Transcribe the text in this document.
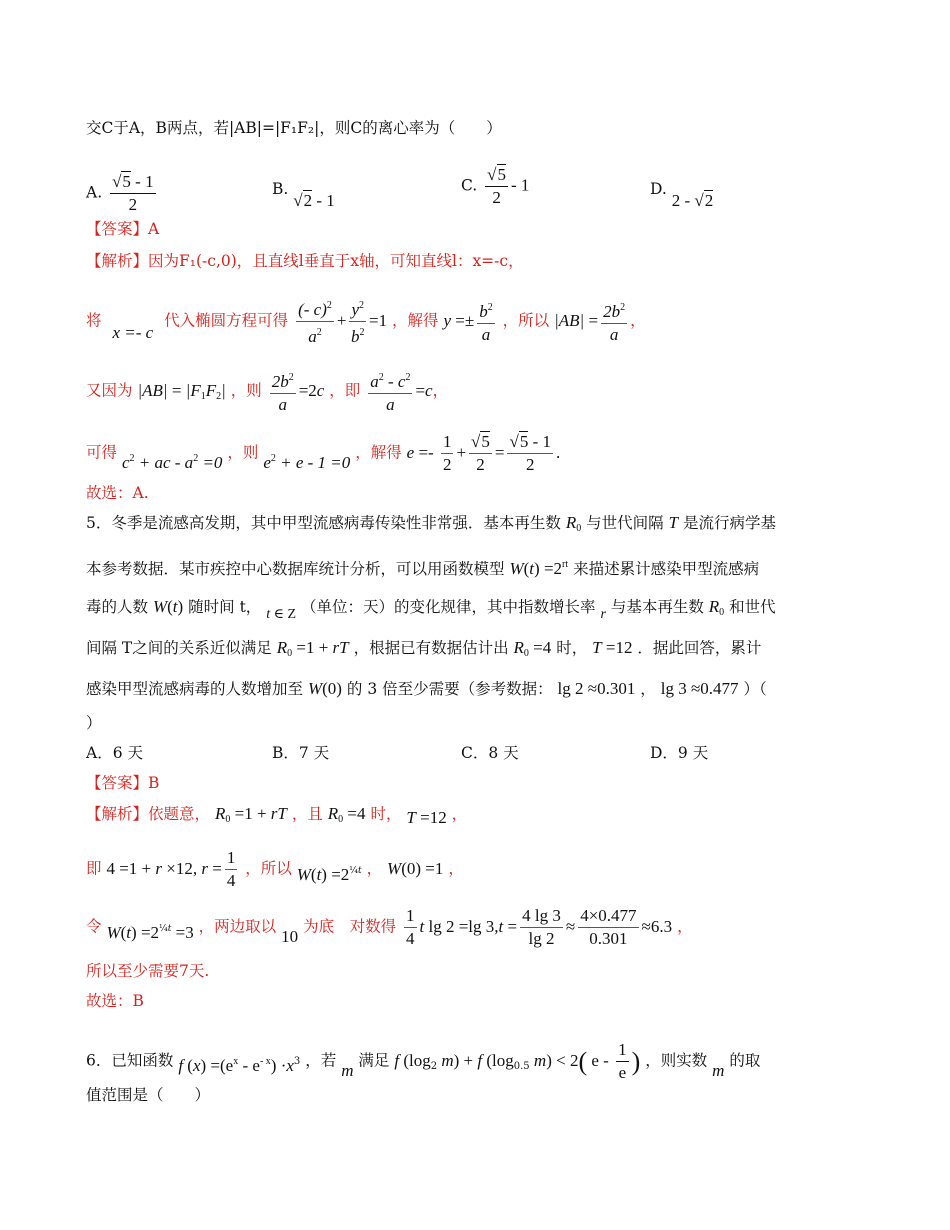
交C于A，B两点，若|AB|=|F₁F₂|，则C的离心率为（　　）
A. $\frac{√5 - 1}{2}$	B. √2 - 1
C. $\frac{√5}{2} - 1$	D. 2 - √2
【答案】A
【解析】因为F₁(-c,0)，且直线l垂直于x轴，可知直线l：x=-c，
将 x =- c 代入椭圆方程可得 $\frac{(- c)^2}{a^2} + \frac{y^2}{b^2} =1$ ，解得 $y =\pm \frac{b^2}{a}$ ，所以 $|AB| = \frac{2b^2}{a}$ ，
又因为 $|AB| = |F_1F_2|$ ，则 $\frac{2b^2}{a} =2c$ ，即 $\frac{a^2 - c^2}{a} =c$，
可得 $c^2$ + ac - $a^2 =0$ ，则 $e^2 + e - 1 =0$ ，解得 $e =- \frac{1}{2} + \frac{√5}{2} = \frac{√5 - 1}{2}$ .
故选：A.
5．冬季是流感高发期，其中甲型流感病毒传染性非常强．基本再生数 $R_0$ 与世代间隔 T 是流行病学基
本参考数据．某市疾控中心数据库统计分析，可以用函数模型 $W(t) =2^{rt}$ 来描述累计感染甲型流感病
毒的人数 W(t) 随时间 t， t ∈ Z （单位：天）的变化规律，其中指数增长率 r 与基本再生数 $R_0$ 和世代
间隔 T之间的关系近似满足 $R_0 =1$ + rT ，根据已有数据估计出 $R_0 =4$ 时， T =12 ．据此回答，累计
感染甲型流感病毒的人数增加至 W(0) 的 3 倍至少需要（参考数据： lg 2 ≈0.301 ， lg 3 ≈0.477 ）（
）
A．6 天	B．7 天	C．8 天	D．9 天
【答案】B
【解析】依题意， $R_0 =1$ + rT ，且 $R_0 =4$ 时， T =12 ，
即 4 =1 + r ×12, $r = \frac{1}{4}$ ，所以 $W(t) =2^{\frac{1}{4}t}$ ， W(0) =1 ，
令 $W(t) =2^{\frac{1}{4}t} =3$ ，两边取以 10 为底　对数得 $\frac{1}{4}$ t lg 2 =lg $3,t = \frac{4 \lg 3}{\lg 2} \approx \frac{4\times 0.477}{0.301} \approx 6.3$ ，
所以至少需要7天.
故选：B
6．已知函数 f $(x) =(e^x - e^{- x}) \cdot x^3$ ，若 m 满足 f ($\log_2$ m) + f ($\log_{0.5}$ m) < 2( e - $\frac{1}{e}$ ) ，则实数 m 的取
值范围是（　　）
